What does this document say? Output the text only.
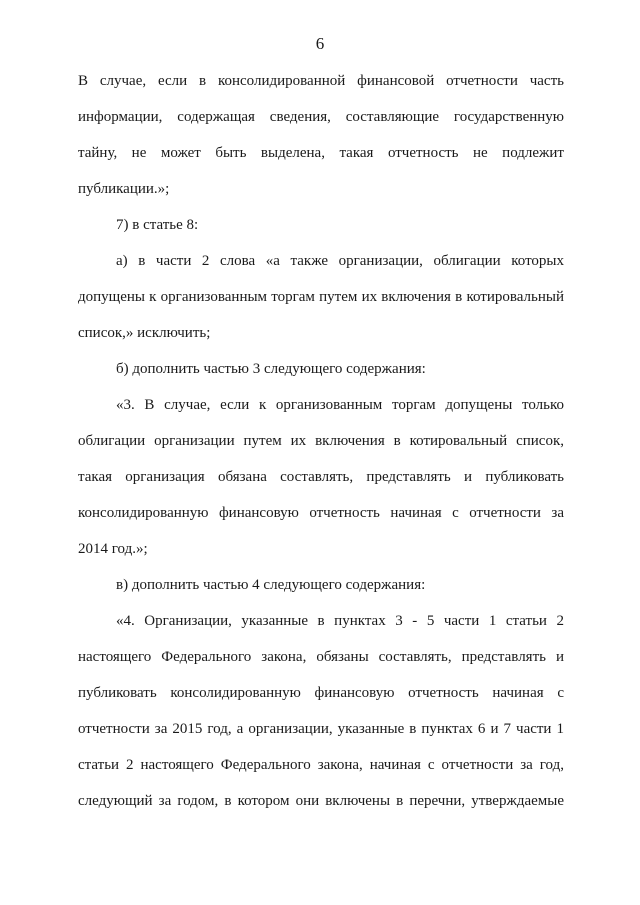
6
В случае, если в консолидированной финансовой отчетности часть
информации, содержащая сведения, составляющие государственную
тайну, не может быть выделена, такая отчетность не подлежит
публикации.»;
7) в статье 8:
а) в части 2 слова «а также организации, облигации которых
допущены к организованным торгам путем их включения в котировальный
список,» исключить;
б) дополнить частью 3 следующего содержания:
«3. В случае, если к организованным торгам допущены только
облигации организации путем их включения в котировальный список,
такая организация обязана составлять, представлять и публиковать
консолидированную финансовую отчетность начиная с отчетности за
2014 год.»;
в) дополнить частью 4 следующего содержания:
«4. Организации, указанные в пунктах 3 - 5 части 1 статьи 2
настоящего Федерального закона, обязаны составлять, представлять и
публиковать консолидированную финансовую отчетность начиная с
отчетности за 2015 год, а организации, указанные в пунктах 6 и 7 части 1
статьи 2 настоящего Федерального закона, начиная с отчетности за год,
следующий за годом, в котором они включены в перечни, утверждаемые
